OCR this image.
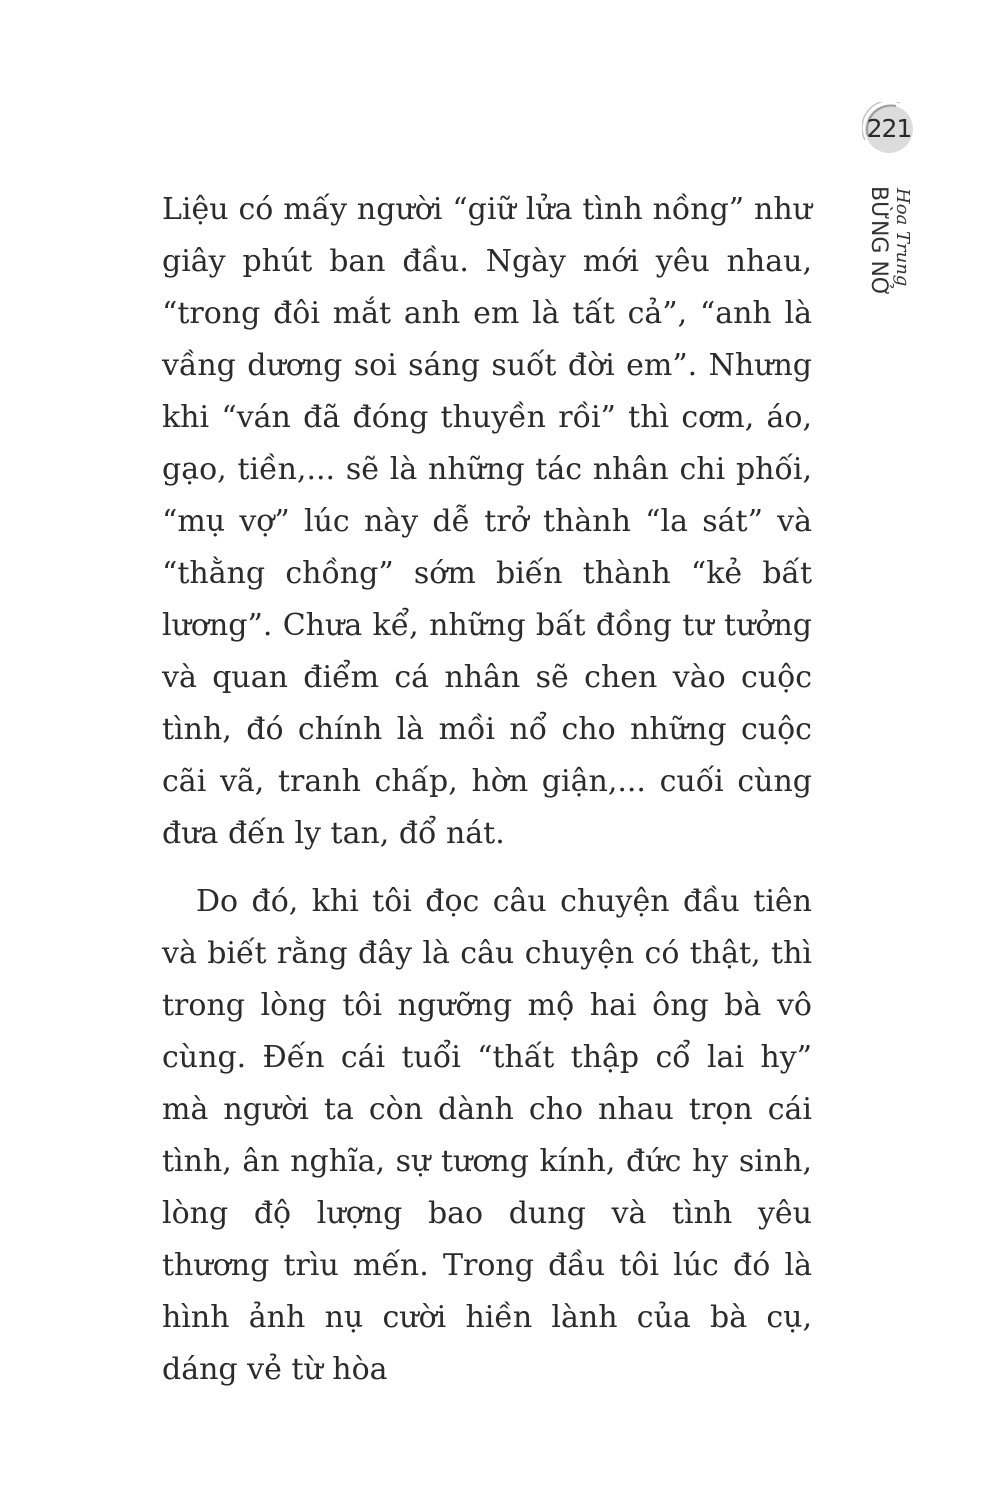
221
Hoa Trung
BỪNG NỞ

Liệu có mấy người “giữ lửa tình nồng” như giây phút ban đầu. Ngày mới yêu nhau, “trong đôi mắt anh em là tất cả”, “anh là vầng dương soi sáng suốt đời em”. Nhưng khi “ván đã đóng thuyền rồi” thì cơm, áo, gạo, tiền,... sẽ là những tác nhân chi phối, “mụ vợ” lúc này dễ trở thành “la sát” và “thằng chồng” sớm biến thành “kẻ bất lương”. Chưa kể, những bất đồng tư tưởng và quan điểm cá nhân sẽ chen vào cuộc tình, đó chính là mồi nổ cho những cuộc cãi vã, tranh chấp, hờn giận,... cuối cùng đưa đến ly tan, đổ nát.

Do đó, khi tôi đọc câu chuyện đầu tiên và biết rằng đây là câu chuyện có thật, thì trong lòng tôi ngưỡng mộ hai ông bà vô cùng. Đến cái tuổi “thất thập cổ lai hy” mà người ta còn dành cho nhau trọn cái tình, ân nghĩa, sự tương kính, đức hy sinh, lòng độ lượng bao dung và tình yêu thương trìu mến. Trong đầu tôi lúc đó là hình ảnh nụ cười hiền lành của bà cụ, dáng vẻ từ hòa
